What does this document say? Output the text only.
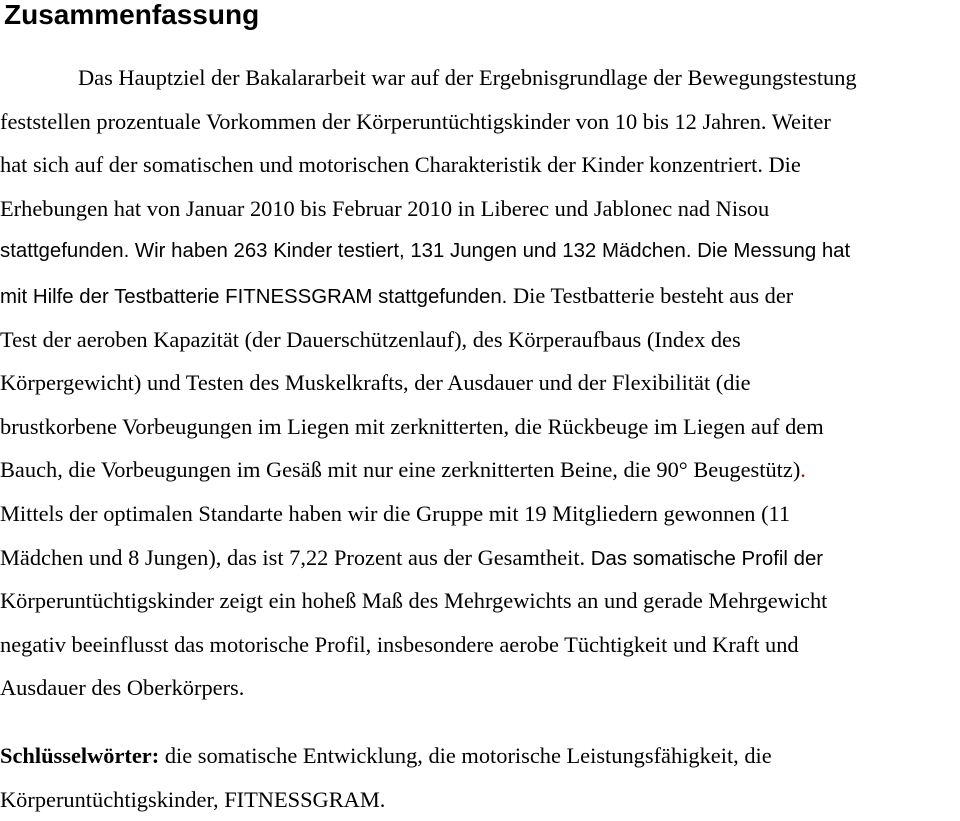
Zusammenfassung
Das Hauptziel der Bakalararbeit war auf der Ergebnisgrundlage der Bewegungstestung
feststellen prozentuale Vorkommen der Körperuntüchtigskinder von 10 bis 12 Jahren. Weiter
hat sich auf der somatischen und motorischen Charakteristik der Kinder konzentriert. Die
Erhebungen hat von Januar 2010 bis Februar 2010 in Liberec und Jablonec nad Nisou
stattgefunden. Wir haben 263 Kinder testiert, 131 Jungen und 132 Mädchen. Die Messung hat
mit Hilfe der Testbatterie FITNESSGRAM stattgefunden. Die Testbatterie besteht aus der
Test der aeroben Kapazität (der Dauerschützenlauf), des Körperaufbaus (Index des
Körpergewicht) und Testen des Muskelkrafts, der Ausdauer und der Flexibilität (die
brustkorbene Vorbeugungen im Liegen mit zerknitterten, die Rückbeuge im Liegen auf dem
Bauch, die Vorbeugungen im Gesäß mit nur eine zerknitterten Beine, die 90° Beugestütz).
Mittels der optimalen Standarte haben wir die Gruppe mit 19 Mitgliedern gewonnen (11
Mädchen und 8 Jungen), das ist 7,22 Prozent aus der Gesamtheit. Das somatische Profil der
Körperuntüchtigskinder zeigt ein hoheß Maß des Mehrgewichts an und gerade Mehrgewicht
negativ beeinflusst das motorische Profil, insbesondere aerobe Tüchtigkeit und Kraft und
Ausdauer des Oberkörpers.
Schlüsselwörter: die somatische Entwicklung, die motorische Leistungsfähigkeit, die
Körperuntüchtigskinder, FITNESSGRAM.
